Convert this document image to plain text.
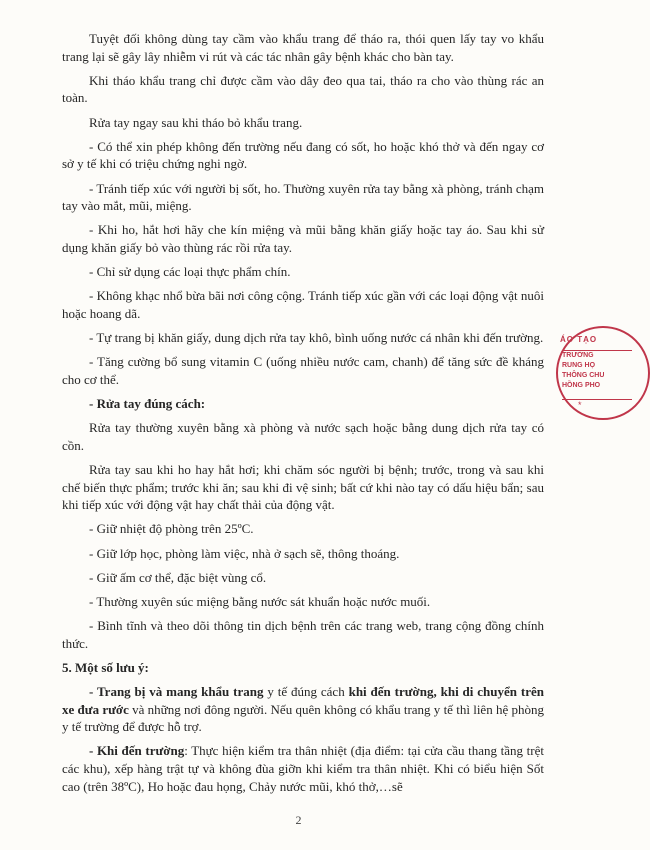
Tuyệt đối không dùng tay cầm vào khẩu trang để tháo ra, thói quen lấy tay vo khẩu trang lại sẽ gây lây nhiễm vi rút và các tác nhân gây bệnh khác cho bàn tay.

Khi tháo khẩu trang chỉ được cầm vào dây đeo qua tai, tháo ra cho vào thùng rác an toàn.

Rửa tay ngay sau khi tháo bỏ khẩu trang.

- Có thể xin phép không đến trường nếu đang có sốt, ho hoặc khó thở và đến ngay cơ sở y tế khi có triệu chứng nghi ngờ.

- Tránh tiếp xúc với người bị sốt, ho. Thường xuyên rửa tay bằng xà phòng, tránh chạm tay vào mắt, mũi, miệng.

- Khi ho, hắt hơi hãy che kín miệng và mũi bằng khăn giấy hoặc tay áo. Sau khi sử dụng khăn giấy bỏ vào thùng rác rồi rửa tay.

- Chỉ sử dụng các loại thực phẩm chín.

- Không khạc nhổ bừa bãi nơi công cộng. Tránh tiếp xúc gần với các loại động vật nuôi hoặc hoang dã.

- Tự trang bị khăn giấy, dung dịch rửa tay khô, bình uống nước cá nhân khi đến trường.

- Tăng cường bổ sung vitamin C (uống nhiều nước cam, chanh) để tăng sức đề kháng cho cơ thể.

- Rửa tay đúng cách:

Rửa tay thường xuyên bằng xà phòng và nước sạch hoặc bằng dung dịch rửa tay có cồn.

Rửa tay sau khi ho hay hắt hơi; khi chăm sóc người bị bệnh; trước, trong và sau khi chế biến thực phẩm; trước khi ăn; sau khi đi vệ sinh; bất cứ khi nào tay có dấu hiệu bẩn; sau khi tiếp xúc với động vật hay chất thải của động vật.

- Giữ nhiệt độ phòng trên 25ºC.

- Giữ lớp học, phòng làm việc, nhà ở sạch sẽ, thông thoáng.

- Giữ ấm cơ thể, đặc biệt vùng cổ.

- Thường xuyên súc miệng bằng nước sát khuẩn hoặc nước muối.

- Bình tĩnh và theo dõi thông tin dịch bệnh trên các trang web, trang cộng đồng chính thức.

5. Một số lưu ý:

- Trang bị và mang khẩu trang y tế đúng cách khi đến trường, khi di chuyển trên xe đưa rước và những nơi đông người. Nếu quên không có khẩu trang y tế thì liên hệ phòng y tế trường để được hỗ trợ.

- Khi đến trường: Thực hiện kiểm tra thân nhiệt (địa điểm: tại cửa cầu thang tầng trệt các khu), xếp hàng trật tự và không đùa giỡn khi kiểm tra thân nhiệt. Khi có biểu hiện Sốt cao (trên 38ºC), Ho hoặc đau họng, Chảy nước mũi, khó thở,…sẽ

2
ÁO TẠO
TRƯỜNG
RUNG HỌ
THÔNG CHU
HỒNG PHO
*
